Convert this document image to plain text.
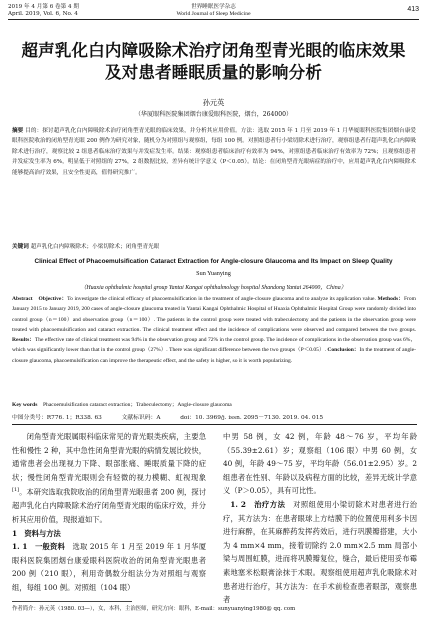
2019 年 4 月第 6 卷第 4 期
April. 2019, Vol. 6, No. 4
世界睡眠医学杂志
World Journal of Sleep Medicine
413
超声乳化白内障吸除术治疗闭角型青光眼的临床效果
及对患者睡眠质量的影响分析
孙元英
（华厦眼科医院集团烟台康爱眼科医院，烟台，264000）
摘要 目的：探讨超声乳化白内障吸除术治疗闭角型青光眼的临床效果，并分析其应用价值。方法：选取 2015 年 1 月至 2019 年 1 月华厦眼科医院集团烟台康爱眼科医院收治的闭角型青光眼 200 例作为研究对象，随机分为对照组与观察组，每组 100 例。对照组患者行小梁切除术进行治疗，观察组患者行超声乳化白内障吸除术进行治疗，观察比较 2 组患者临床治疗效果与并发症发生率。结果：观察组患者临床治疗有效率为 94%，对照组患者临床治疗有效率为 72%；且观察组患者并发症发生率为 6%，明显低于对照组的 27%，2 组数据比较，差异有统计学意义（P＜0.05）。结论：在闭角型青光眼病症的治疗中，应用超声乳化白内障吸除术能够提高治疗效果，且安全性更高，值得研究推广。
关键词 超声乳化白内障吸除术；小梁切除术；闭角型青光眼
Clinical Effect of Phacoemulsification Cataract Extraction for Angle-closure Glaucoma and Its Impact on Sleep Quality
Sun Yuanying
（Huaxia ophthalmic hospital group Yantai Kangai ophthalmology hospital Shandong Yantai 264000，China）
Abstract　Objective：To investigate the clinical efficacy of phacoemulsification in the treatment of angle-closure glaucoma and to analyze its application value. Methods：From January 2015 to January 2019, 200 cases of angle-closure glaucoma treated in Yantai Kangai Ophthalmic Hospital of Huaxia Ophthalmic Hospital Group were randomly divided into control group（n＝100）and observation group（n＝100）. The patients in the control group were treated with trabeculectomy and the patients in the observation group were treated with phacoemulsification and cataract extraction. The clinical treatment effect and the incidence of complications were observed and compared between the two groups. Results：The effective rate of clinical treatment was 94% in the observation group and 72% in the control group. The incidence of complications in the observation group was 6%，which was significantly lower than that in the control group（27%）. There was significant difference between the two groups（P＜0.05）. Conclusion：In the treatment of angle-closure glaucoma, phacoemulsification can improve the therapeutic effect, and the safety is higher, so it is worth popularizing.
Key words　 Phacoemulsification cataract extraction；Trabeculectomy；Angle-closure glaucoma
中图分类号：R776. 1；R338. 63	文献标识码：A	doi：10. 3969/j. issn. 2095－7130. 2019. 04. 015

闭角型青光眼属眼科临床常见的青光眼类疾病，主要急性和慢性 2 种，其中急性闭角型青光眼的病情发展比较快，通常患者会出现视力下降、眼部胀痛、睡眠质量下降的症状；慢性闭角型青光眼则会有轻微的视力模糊、虹视现象[1]。本研究选取我院收治的闭角型青光眼患者 200 例，探讨超声乳化白内障吸除术治疗闭角型青光眼的临床疗效，并分析其应用价值，现报道如下。

1　资料与方法
1. 1　一般资料　 选取 2015 年 1 月至 2019 年 1 月华厦眼科医院集团烟台康爱眼科医院收治的闭角型青光眼患者 200 例（210 眼），利用奇偶数分组法分为对照组与观察组，每组 100 例。对照组（104 眼）
中男 58 例，女 42 例，年龄 48～76 岁，平均年龄（55.39±2.61）岁；观察组（106 眼）中男 60 例，女 40 例，年龄 49～75 岁，平均年龄（56.01±2.95）岁。2 组患者在性别、年龄以及病程方面的比较，差异无统计学意义（P＞0.05），具有可比性。
1. 2　治疗方法　 对照组使用小梁切除术对患者进行治疗，其方法为：在患者眼球上方结膜下的位置使用利多卡因进行麻醉，在其麻醉药发挥药效后，进行巩膜瓣搭建，大小为 4 mm×4 mm，接着切除约 2.0 mm×2.5 mm 局部小梁与周围虹膜，进而将巩膜瓣复位，缝合，最后使用妥布霉素地塞米松眼膏涂抹于术眼。观察组使用超声乳化吸除术对患者进行治疗，其方法为：在手术前检查患者眼部，观察患者
作者简介：孙元英（1980. 03—），女，本科，主治医师，研究方向：眼科，E-mail：sunyuanying1980@ qq. com
